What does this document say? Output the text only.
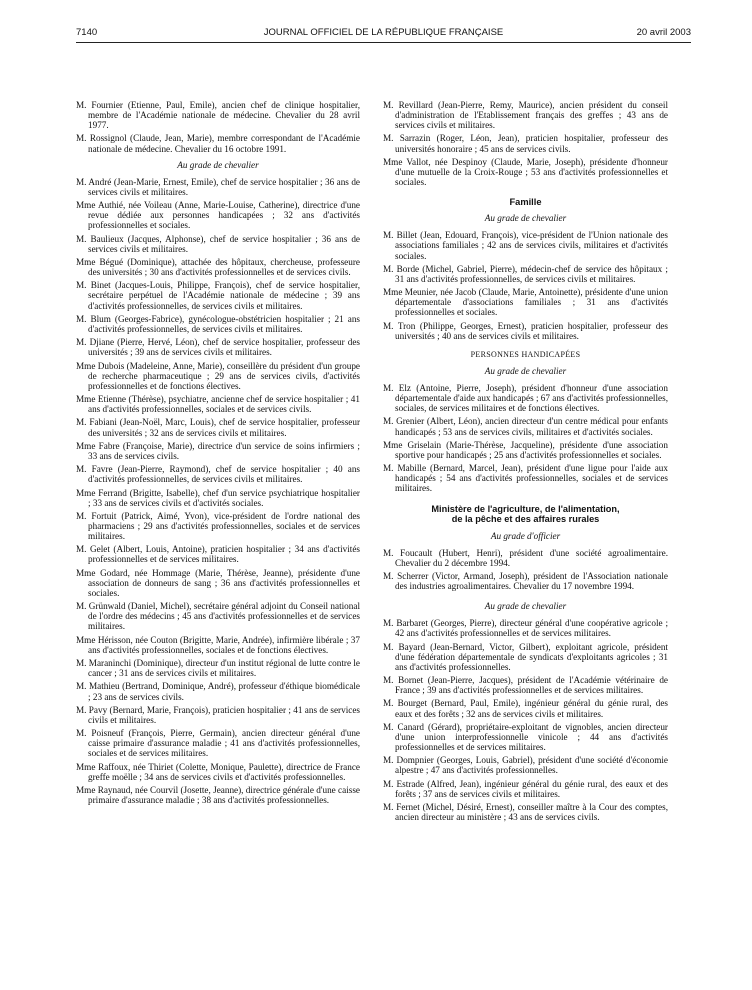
JOURNAL OFFICIEL DE LA RÉPUBLIQUE FRANÇAISE
7140	20 avril 2003

M. Fournier (Etienne, Paul, Emile), ancien chef de clinique hospitalier, membre de l'Académie nationale de médecine. Chevalier du 28 avril 1977.

M. Rossignol (Claude, Jean, Marie), membre correspondant de l'Académie nationale de médecine. Chevalier du 16 octobre 1991.

Au grade de chevalier

M. André (Jean-Marie, Ernest, Emile), chef de service hospitalier ; 36 ans de services civils et militaires.

Mme Authié, née Voileau (Anne, Marie-Louise, Catherine), directrice d'une revue dédiée aux personnes handicapées ; 32 ans d'activités professionnelles et sociales.

M. Baulieux (Jacques, Alphonse), chef de service hospitalier ; 36 ans de services civils et militaires.

Mme Bégué (Dominique), attachée des hôpitaux, chercheuse, professeure des universités ; 30 ans d'activités professionnelles et de services civils.

M. Binet (Jacques-Louis, Philippe, François), chef de service hospitalier, secrétaire perpétuel de l'Académie nationale de médecine ; 39 ans d'activités professionnelles, de services civils et militaires.

M. Blum (Georges-Fabrice), gynécologue-obstétricien hospitalier ; 21 ans d'activités professionnelles, de services civils et militaires.

M. Djiane (Pierre, Hervé, Léon), chef de service hospitalier, professeur des universités ; 39 ans de services civils et militaires.

Mme Dubois (Madeleine, Anne, Marie), conseillère du président d'un groupe de recherche pharmaceutique ; 29 ans de services civils, d'activités professionnelles et de fonctions électives.

Mme Etienne (Thérèse), psychiatre, ancienne chef de service hospitalier ; 41 ans d'activités professionnelles, sociales et de services civils.

M. Fabiani (Jean-Noël, Marc, Louis), chef de service hospitalier, professeur des universités ; 32 ans de services civils et militaires.

Mme Fabre (Françoise, Marie), directrice d'un service de soins infirmiers ; 33 ans de services civils.

M. Favre (Jean-Pierre, Raymond), chef de service hospitalier ; 40 ans d'activités professionnelles, de services civils et militaires.

Mme Ferrand (Brigitte, Isabelle), chef d'un service psychiatrique hospitalier ; 33 ans de services civils et d'activités sociales.

M. Fortuit (Patrick, Aimé, Yvon), vice-président de l'ordre national des pharmaciens ; 29 ans d'activités professionnelles, sociales et de services militaires.

M. Gelet (Albert, Louis, Antoine), praticien hospitalier ; 34 ans d'activités professionnelles et de services militaires.

Mme Godard, née Hommage (Marie, Thérèse, Jeanne), présidente d'une association de donneurs de sang ; 36 ans d'activités professionnelles et sociales.

M. Grünwald (Daniel, Michel), secrétaire général adjoint du Conseil national de l'ordre des médecins ; 45 ans d'activités professionnelles et de services militaires.

Mme Hérisson, née Couton (Brigitte, Marie, Andrée), infirmière libérale ; 37 ans d'activités professionnelles, sociales et de fonctions électives.

M. Maraninchi (Dominique), directeur d'un institut régional de lutte contre le cancer ; 31 ans de services civils et militaires.

M. Mathieu (Bertrand, Dominique, André), professeur d'éthique biomédicale ; 23 ans de services civils.

M. Pavy (Bernard, Marie, François), praticien hospitalier ; 41 ans de services civils et militaires.

M. Poisneuf (François, Pierre, Germain), ancien directeur général d'une caisse primaire d'assurance maladie ; 41 ans d'activités professionnelles, sociales et de services militaires.

Mme Raffoux, née Thiriet (Colette, Monique, Paulette), directrice de France greffe moëlle ; 34 ans de services civils et d'activités professionnelles.

Mme Raynaud, née Courvil (Josette, Jeanne), directrice générale d'une caisse primaire d'assurance maladie ; 38 ans d'activités professionnelles.

M. Revillard (Jean-Pierre, Remy, Maurice), ancien président du conseil d'administration de l'Etablissement français des greffes ; 43 ans de services civils et militaires.

M. Sarrazin (Roger, Léon, Jean), praticien hospitalier, professeur des universités honoraire ; 45 ans de services civils.

Mme Vallot, née Despinoy (Claude, Marie, Joseph), présidente d'honneur d'une mutuelle de la Croix-Rouge ; 53 ans d'activités professionnelles et sociales.

Famille
Au grade de chevalier

M. Billet (Jean, Edouard, François), vice-président de l'Union nationale des associations familiales ; 42 ans de services civils, militaires et d'activités sociales.

M. Borde (Michel, Gabriel, Pierre), médecin-chef de service des hôpitaux ; 31 ans d'activités professionnelles, de services civils et militaires.

Mme Meunier, née Jacob (Claude, Marie, Antoinette), présidente d'une union départementale d'associations familiales ; 31 ans d'activités professionnelles et sociales.

M. Tron (Philippe, Georges, Ernest), praticien hospitalier, professeur des universités ; 40 ans de services civils et militaires.

PERSONNES HANDICAPÉES
Au grade de chevalier

M. Elz (Antoine, Pierre, Joseph), président d'honneur d'une association départementale d'aide aux handicapés ; 67 ans d'activités professionnelles, sociales, de services militaires et de fonctions électives.

M. Grenier (Albert, Léon), ancien directeur d'un centre médical pour enfants handicapés ; 53 ans de services civils, militaires et d'activités sociales.

Mme Griselain (Marie-Thérèse, Jacqueline), présidente d'une association sportive pour handicapés ; 25 ans d'activités professionnelles et sociales.

M. Mabille (Bernard, Marcel, Jean), président d'une ligue pour l'aide aux handicapés ; 54 ans d'activités professionnelles, sociales et de services militaires.

Ministère de l'agriculture, de l'alimentation,
de la pêche et des affaires rurales
Au grade d'officier

M. Foucault (Hubert, Henri), président d'une société agroalimentaire. Chevalier du 2 décembre 1994.

M. Scherrer (Victor, Armand, Joseph), président de l'Association nationale des industries agroalimentaires. Chevalier du 17 novembre 1994.

Au grade de chevalier

M. Barbaret (Georges, Pierre), directeur général d'une coopérative agricole ; 42 ans d'activités professionnelles et de services militaires.

M. Bayard (Jean-Bernard, Victor, Gilbert), exploitant agricole, président d'une fédération départementale de syndicats d'exploitants agricoles ; 31 ans d'activités professionnelles.

M. Bornet (Jean-Pierre, Jacques), président de l'Académie vétérinaire de France ; 39 ans d'activités professionnelles et de services militaires.

M. Bourget (Bernard, Paul, Emile), ingénieur général du génie rural, des eaux et des forêts ; 32 ans de services civils et militaires.

M. Canard (Gérard), propriétaire-exploitant de vignobles, ancien directeur d'une union interprofessionnelle vinicole ; 44 ans d'activités professionnelles et de services militaires.

M. Dompnier (Georges, Louis, Gabriel), président d'une société d'économie alpestre ; 47 ans d'activités professionnelles.

M. Estrade (Alfred, Jean), ingénieur général du génie rural, des eaux et des forêts ; 37 ans de services civils et militaires.

M. Fernet (Michel, Désiré, Ernest), conseiller maître à la Cour des comptes, ancien directeur au ministère ; 43 ans de services civils.
